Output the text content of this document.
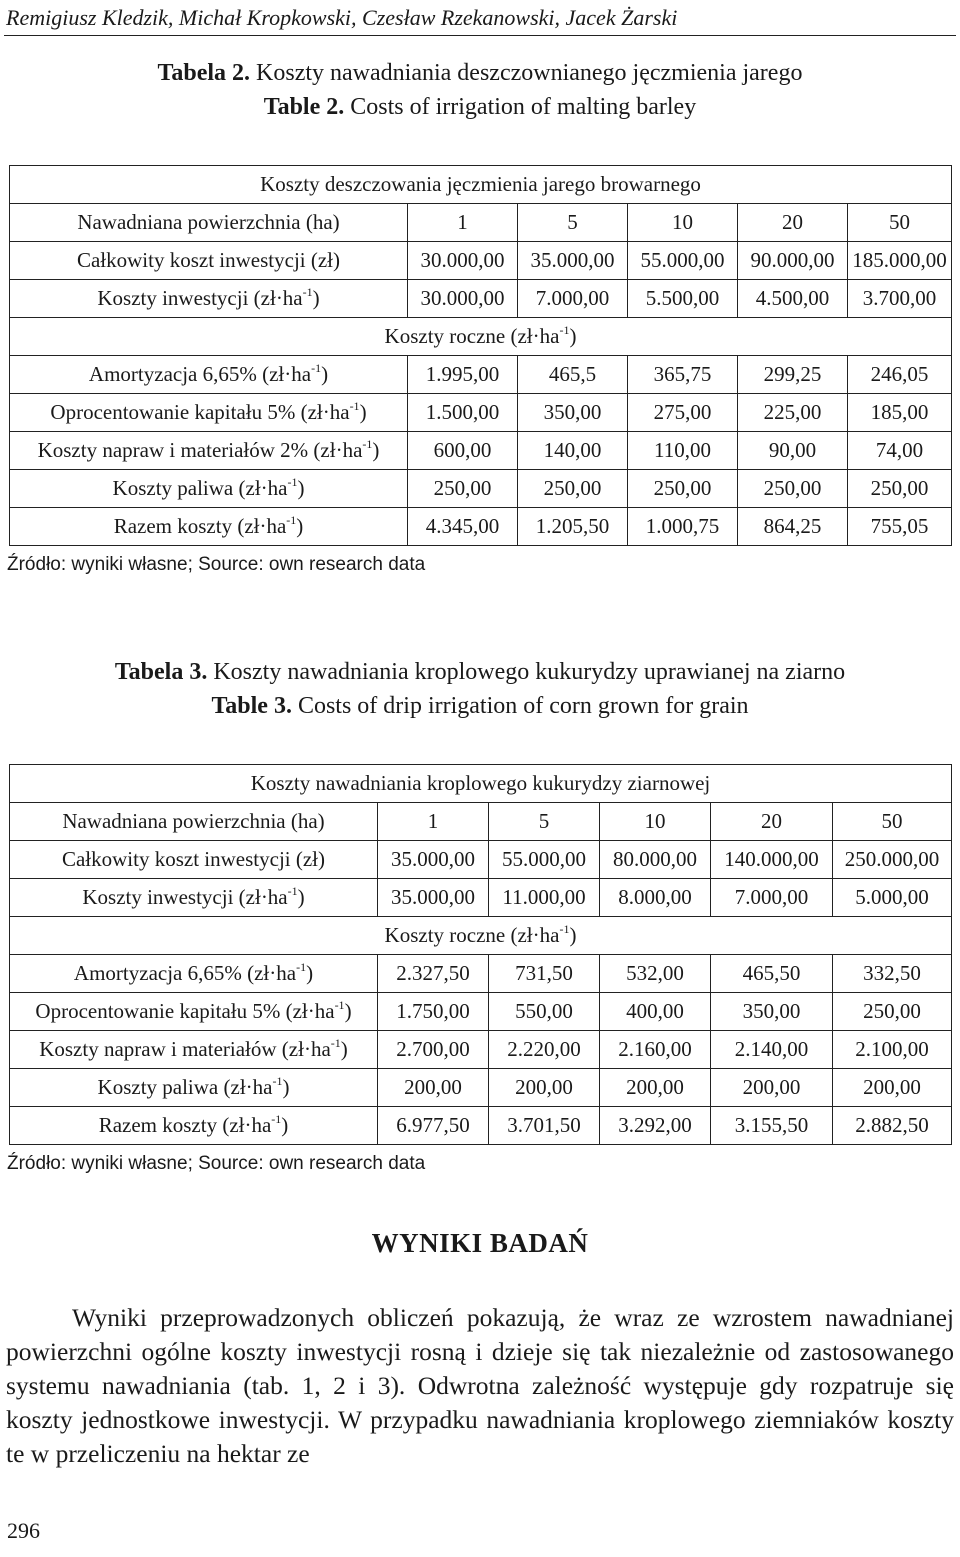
Remigiusz Kledzik, Michał Kropkowski, Czesław Rzekanowski, Jacek Żarski
Tabela 2. Koszty nawadniania deszczownianego jęczmienia jarego
Table 2. Costs of irrigation of malting barley
Koszty deszczowania jęczmienia jarego browarnego					
Nawadniana powierzchnia (ha)	1	5	10	20	50
Całkowity koszt inwestycji (zł)	30.000,00	35.000,00	55.000,00	90.000,00	185.000,00
Koszty inwestycji $(zł\cdot ha^{-1})$	30.000,00	7.000,00	5.500,00	4.500,00	3.700,00
Koszty roczne $(zł\cdot ha^{-1})$					
Amortyzacja 6,65% $(zł\cdot ha^{-1})$	1.995,00	465,5	365,75	299,25	246,05
Oprocentowanie kapitału 5% $(zł\cdot ha^{-1})$	1.500,00	350,00	275,00	225,00	185,00
Koszty napraw i materiałów 2% $(zł\cdot ha^{-1})$	600,00	140,00	110,00	90,00	74,00
Koszty paliwa $(zł\cdot ha^{-1})$	250,00	250,00	250,00	250,00	250,00
Razem koszty $(zł\cdot ha^{-1})$	4.345,00	1.205,50	1.000,75	864,25	755,05
Źródło: wyniki własne; Source: own research data
Tabela 3. Koszty nawadniania kroplowego kukurydzy uprawianej na ziarno
Table 3. Costs of drip irrigation of corn grown for grain
Koszty nawadniania kroplowego kukurydzy ziarnowej					
Nawadniana powierzchnia (ha)	1	5	10	20	50
Całkowity koszt inwestycji (zł)	35.000,00	55.000,00	80.000,00	140.000,00	250.000,00
Koszty inwestycji $(zł\cdot ha^{-1})$	35.000,00	11.000,00	8.000,00	7.000,00	5.000,00
Koszty roczne $(zł\cdot ha^{-1})$					
Amortyzacja 6,65% $(zł\cdot ha^{-1})$	2.327,50	731,50	532,00	465,50	332,50
Oprocentowanie kapitału 5% $(zł\cdot ha^{-1})$	1.750,00	550,00	400,00	350,00	250,00
Koszty napraw i materiałów $(zł\cdot ha^{-1})$	2.700,00	2.220,00	2.160,00	2.140,00	2.100,00
Koszty paliwa $(zł\cdot ha^{-1})$	200,00	200,00	200,00	200,00	200,00
Razem koszty $(zł\cdot ha^{-1})$	6.977,50	3.701,50	3.292,00	3.155,50	2.882,50
Źródło: wyniki własne; Source: own research data
WYNIKI BADAŃ

Wyniki przeprowadzonych obliczeń pokazują, że wraz ze wzrostem nawadnianej powierzchni ogólne koszty inwestycji rosną i dzieje się tak niezależnie od zastosowanego systemu nawadniania (tab. 1, 2 i 3). Odwrotna zależność występuje gdy rozpatruje się koszty jednostkowe inwestycji. W przypadku nawadniania kroplowego ziemniaków koszty te w przeliczeniu na hektar ze

296
